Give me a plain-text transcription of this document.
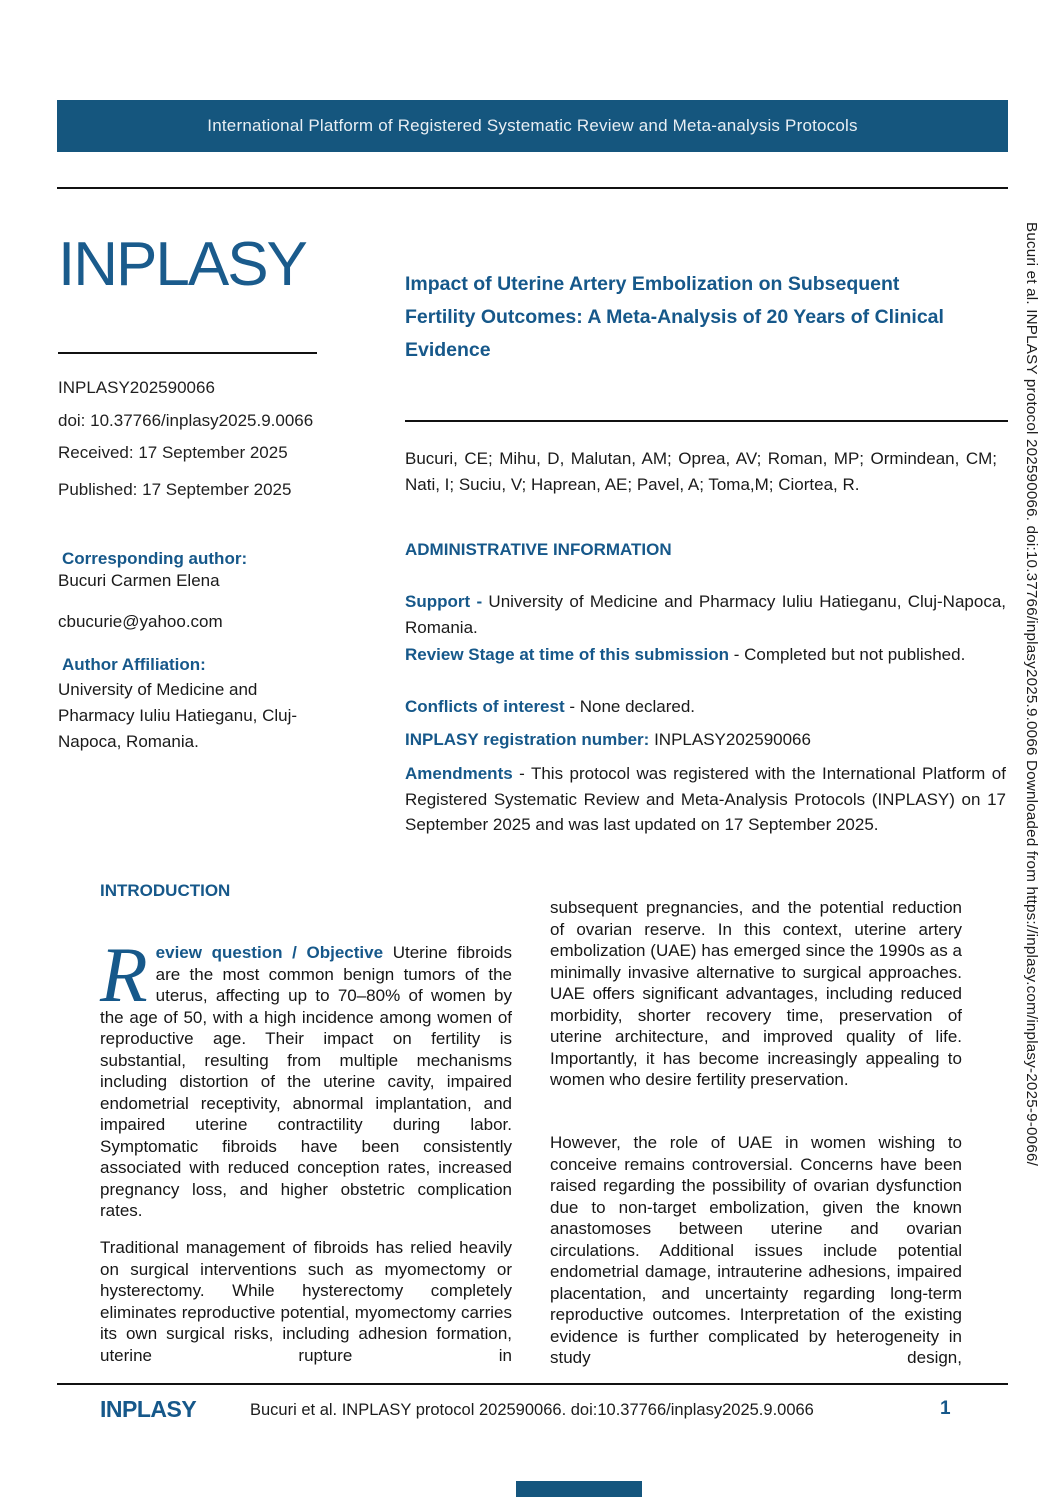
International Platform of Registered Systematic Review and Meta-analysis Protocols
INPLASY
INPLASY202590066
doi: 10.37766/inplasy2025.9.0066
Received: 17 September 2025
Published: 17 September 2025
Corresponding author:
Bucuri Carmen Elena
cbucurie@yahoo.com
Author Affiliation:
University of Medicine and Pharmacy Iuliu Hatieganu, Cluj-Napoca, Romania.
Impact of Uterine Artery Embolization on Subsequent Fertility Outcomes: A Meta-Analysis of 20 Years of Clinical Evidence
Bucuri, CE; Mihu, D, Malutan, AM; Oprea, AV; Roman, MP; Ormindean, CM; Nati, I; Suciu, V; Haprean, AE; Pavel, A; Toma,M; Ciortea, R.
ADMINISTRATIVE INFORMATION

Support - University of Medicine and Pharmacy Iuliu Hatieganu, Cluj-Napoca, Romania.

Review Stage at time of this submission - Completed but not published.

Conflicts of interest - None declared.

INPLASY registration number: INPLASY202590066

Amendments - This protocol was registered with the International Platform of Registered Systematic Review and Meta-Analysis Protocols (INPLASY) on 17 September 2025 and was last updated on 17 September 2025.

INTRODUCTION

Review question / Objective Uterine fibroids are the most common benign tumors of the uterus, affecting up to 70–80% of women by the age of 50, with a high incidence among women of reproductive age. Their impact on fertility is substantial, resulting from multiple mechanisms including distortion of the uterine cavity, impaired endometrial receptivity, abnormal implantation, and impaired uterine contractility during labor. Symptomatic fibroids have been consistently associated with reduced conception rates, increased pregnancy loss, and higher obstetric complication rates.

Traditional management of fibroids has relied heavily on surgical interventions such as myomectomy or hysterectomy. While hysterectomy completely eliminates reproductive potential, myomectomy carries its own surgical risks, including adhesion formation, uterine rupture in

subsequent pregnancies, and the potential reduction of ovarian reserve. In this context, uterine artery embolization (UAE) has emerged since the 1990s as a minimally invasive alternative to surgical approaches. UAE offers significant advantages, including reduced morbidity, shorter recovery time, preservation of uterine architecture, and improved quality of life. Importantly, it has become increasingly appealing to women who desire fertility preservation.

However, the role of UAE in women wishing to conceive remains controversial. Concerns have been raised regarding the possibility of ovarian dysfunction due to non-target embolization, given the known anastomoses between uterine and ovarian circulations. Additional issues include potential endometrial damage, intrauterine adhesions, impaired placentation, and uncertainty regarding long-term reproductive outcomes. Interpretation of the existing evidence is further complicated by heterogeneity in study design,

INPLASY	Bucuri et al. INPLASY protocol 202590066. doi:10.37766/inplasy2025.9.0066	1
Bucuri et al. INPLASY protocol 202590066. doi:10.37766/inplasy2025.9.0066 Downloaded from https://inplasy.com/inplasy-2025-9-0066/
